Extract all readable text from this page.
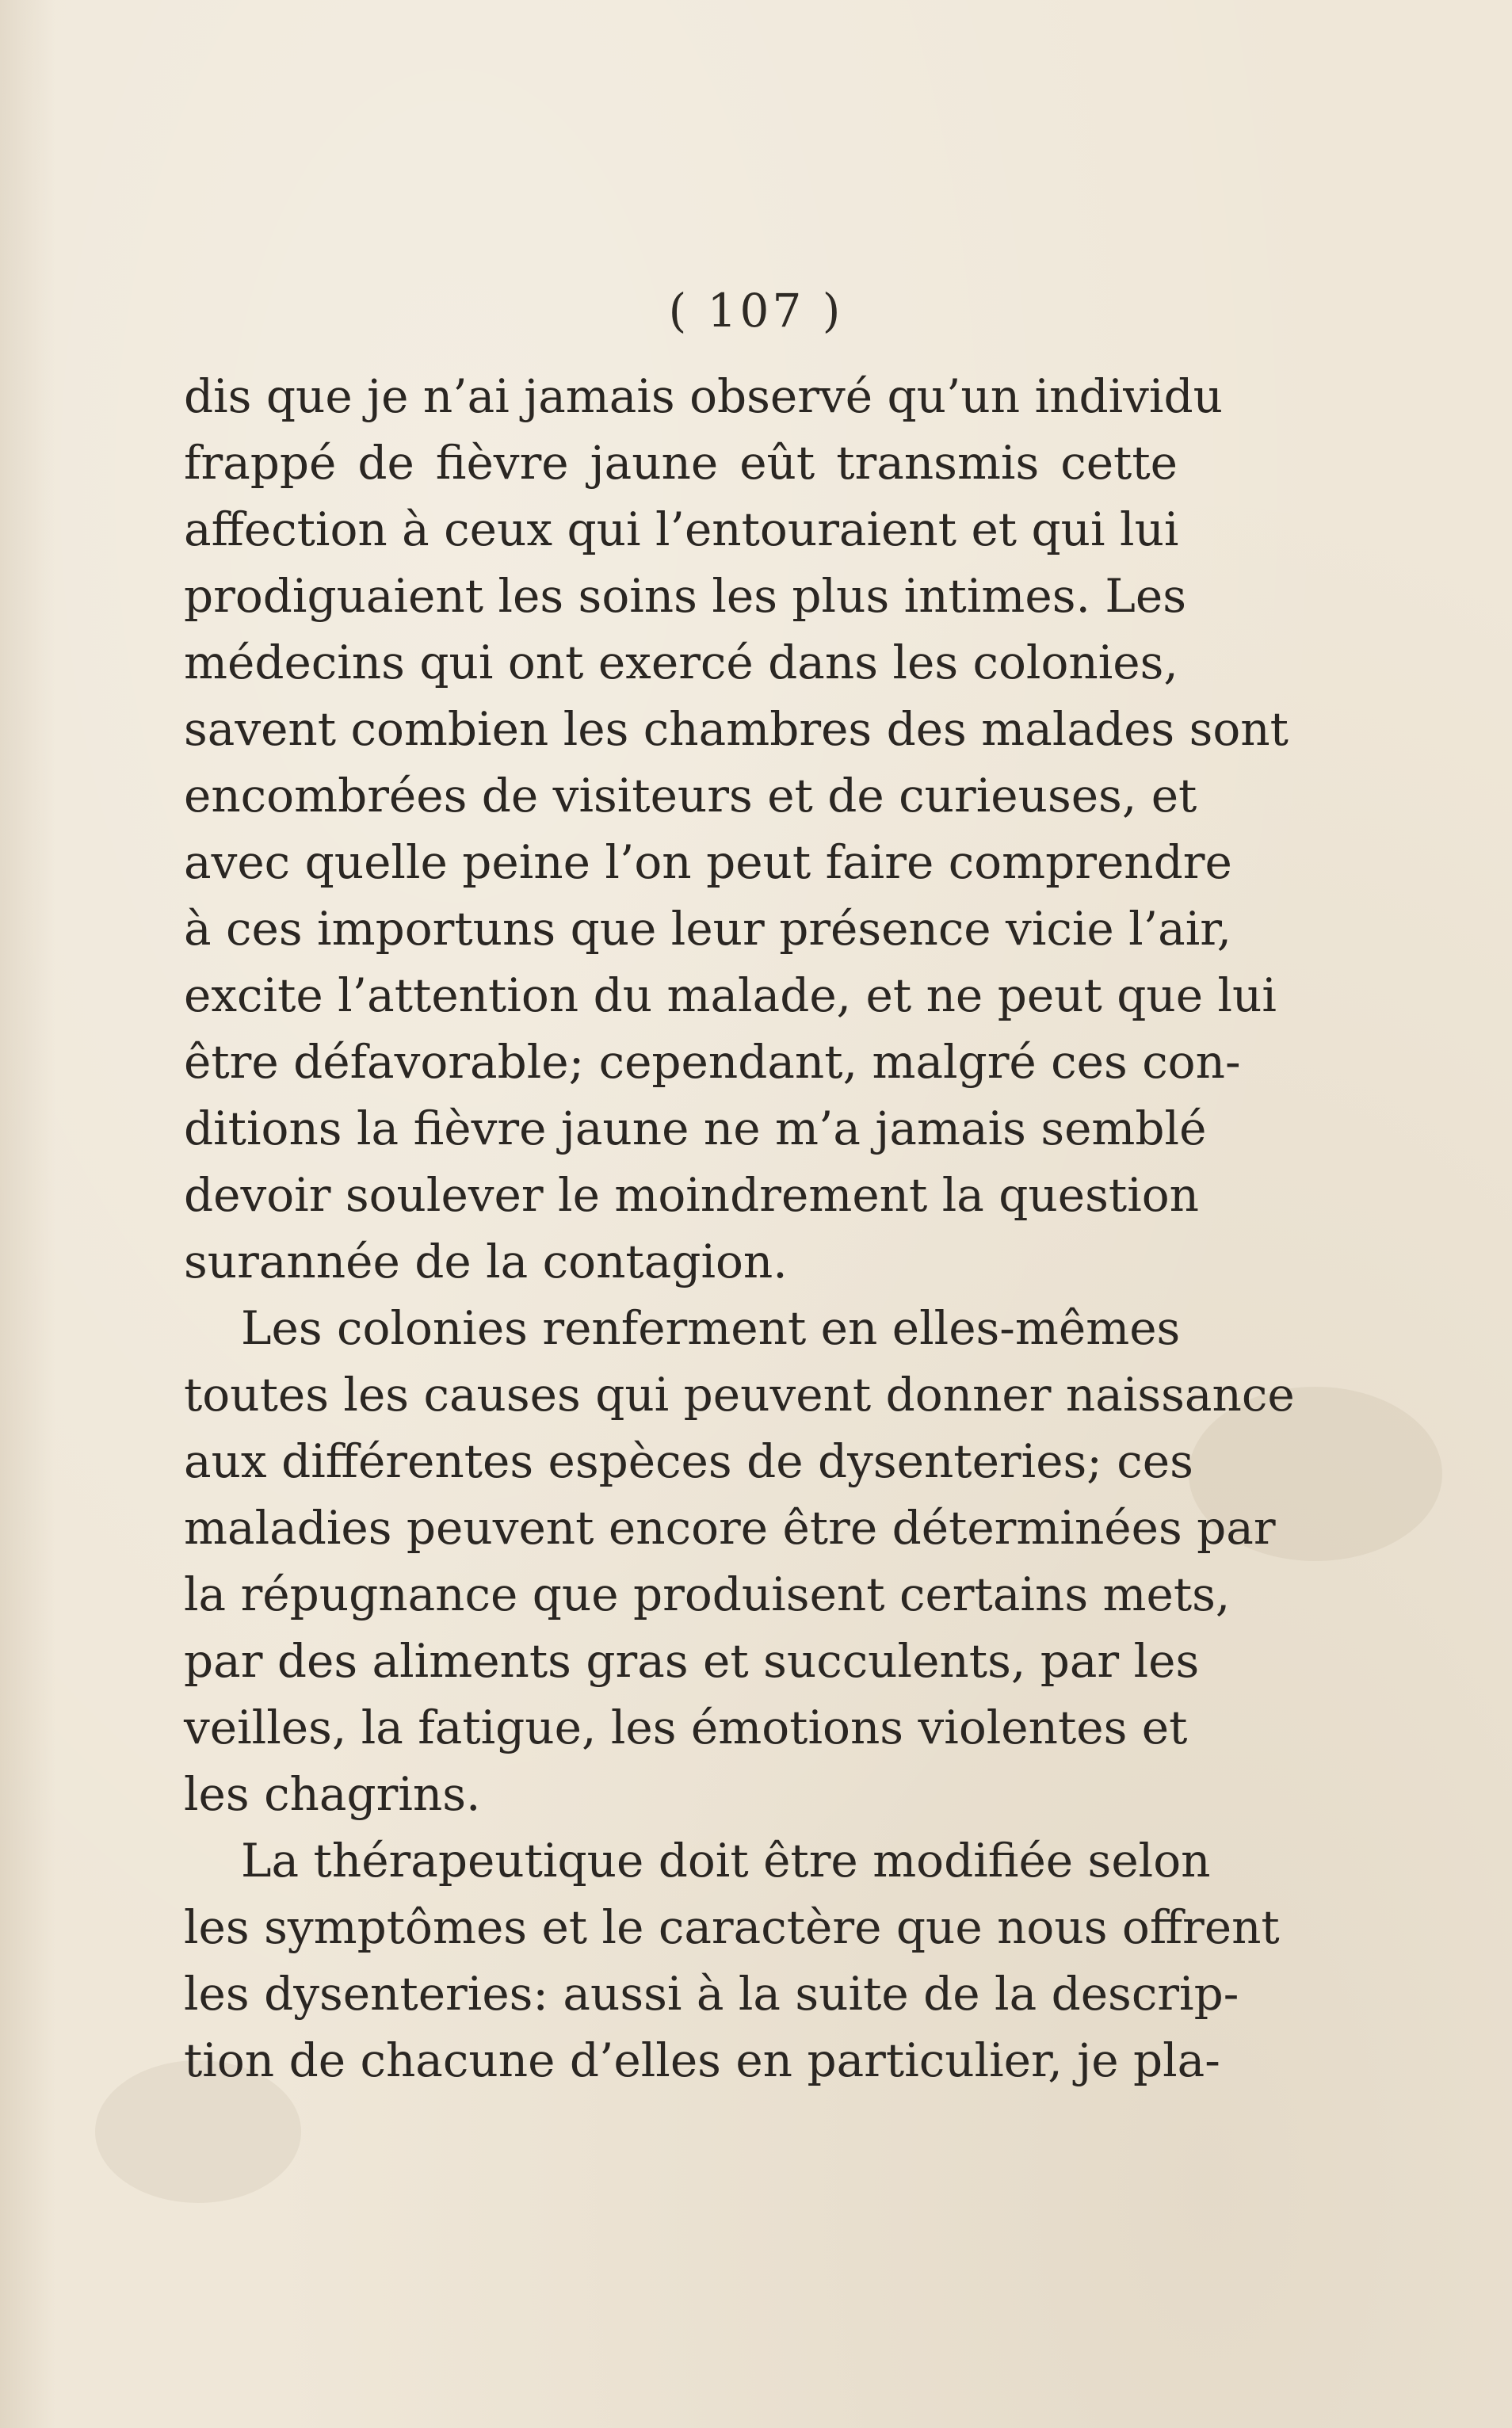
( 107 )
dis que je n’ai jamais observé qu’un individu
frappé de fièvre jaune eût transmis cette
affection à ceux qui l’entouraient et qui lui
prodiguaient les soins les plus intimes. Les
médecins qui ont exercé dans les colonies,
savent combien les chambres des malades sont
encombrées de visiteurs et de curieuses, et
avec quelle peine l’on peut faire comprendre
à ces importuns que leur présence vicie l’air,
excite l’attention du malade, et ne peut que lui
être défavorable; cependant, malgré ces con-
ditions la fièvre jaune ne m’a jamais semblé
devoir soulever le moindrement la question
surannée de la contagion.
Les colonies renferment en elles-mêmes
toutes les causes qui peuvent donner naissance
aux différentes espèces de dysenteries; ces
maladies peuvent encore être déterminées par
la répugnance que produisent certains mets,
par des aliments gras et succulents, par les
veilles, la fatigue, les émotions violentes et
les chagrins.
La thérapeutique doit être modifiée selon
les symptômes et le caractère que nous offrent
les dysenteries: aussi à la suite de la descrip-
tion de chacune d’elles en particulier, je pla-
